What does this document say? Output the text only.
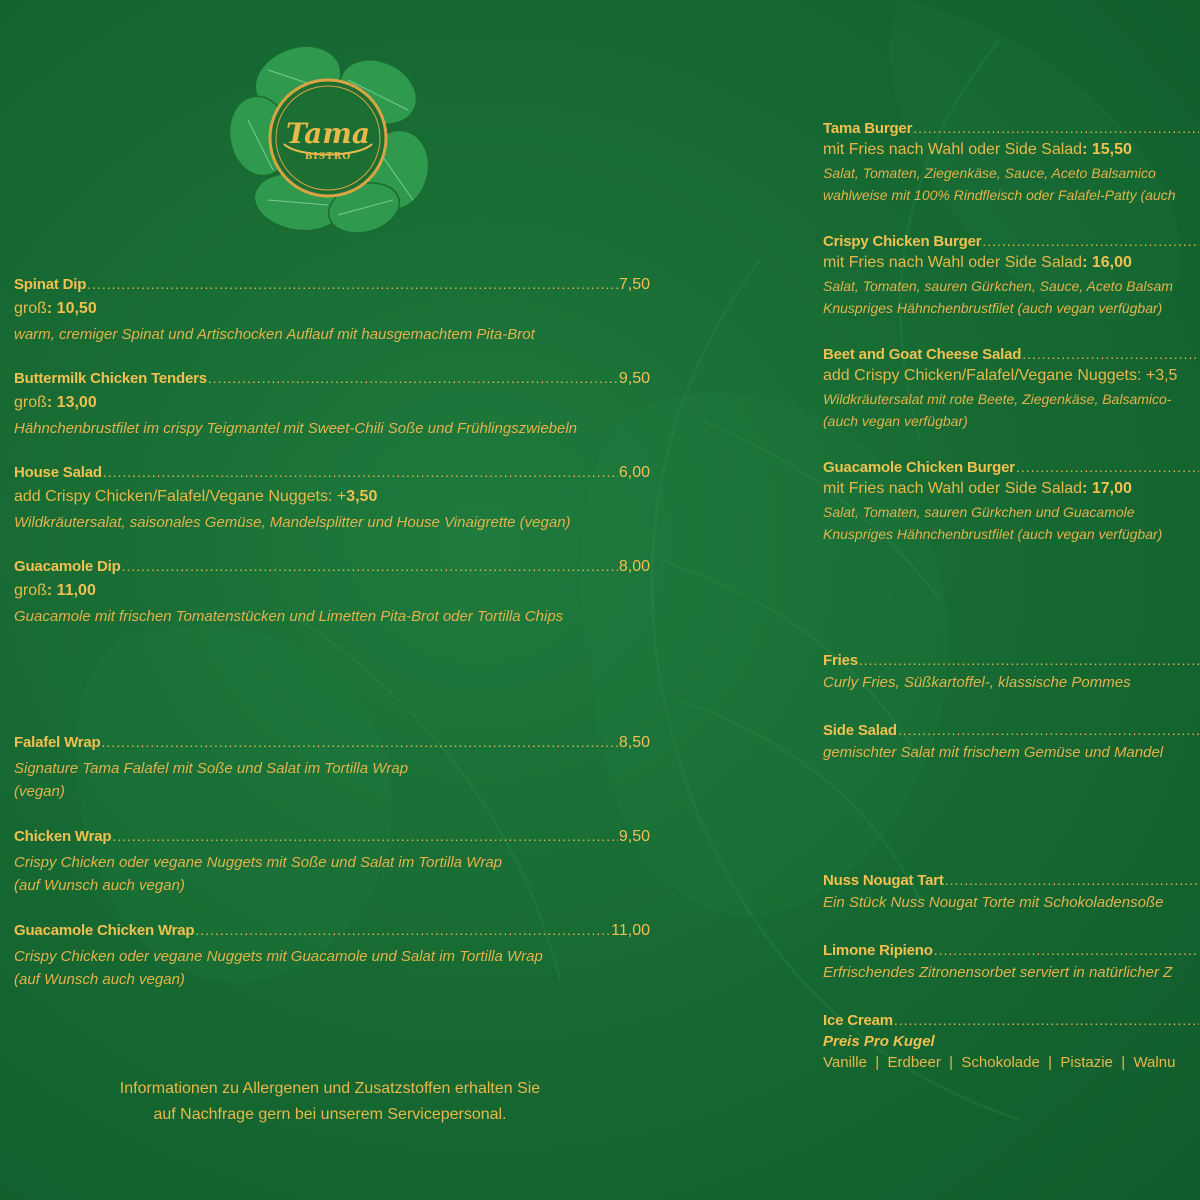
Tama
BISTRO
Spinat Dip .....	7,50
groß: 10,50
warm, cremiger Spinat und Artischocken Auflauf mit hausgemachtem Pita-Brot
Buttermilk Chicken Tenders .....	9,50
groß: 13,00
Hähnchenbrustfilet im crispy Teigmantel mit Sweet-Chili Soße und Frühlingszwiebeln
House Salad .....	6,00
add Crispy Chicken/Falafel/Vegane Nuggets: +3,50
Wildkräutersalat, saisonales Gemüse, Mandelsplitter und House Vinaigrette (vegan)
Guacamole Dip .....	8,00
groß: 11,00
Guacamole mit frischen Tomatenstücken und Limetten Pita-Brot oder Tortilla Chips
Falafel Wrap .....	8,50
Signature Tama Falafel mit Soße und Salat im Tortilla Wrap
(vegan)
Chicken Wrap .....	9,50
Crispy Chicken oder vegane Nuggets mit Soße und Salat im Tortilla Wrap
(auf Wunsch auch vegan)
Guacamole Chicken Wrap .....	11,00
Crispy Chicken oder vegane Nuggets mit Guacamole und Salat im Tortilla Wrap
(auf Wunsch auch vegan)
Tama Burger
.....
mit Fries nach Wahl oder Side Salad: 15,50
Salat, Tomaten, Ziegenkäse, Sauce, Aceto Balsamico
wahlweise mit 100% Rindfleisch oder Falafel-Patty (auch
Crispy Chicken Burger
.....
mit Fries nach Wahl oder Side Salad: 16,00
Salat, Tomaten, sauren Gürkchen, Sauce, Aceto Balsam
Knuspriges Hähnchenbrustfilet (auch vegan verfügbar)
Beet and Goat Cheese Salad
.....
add Crispy Chicken/Falafel/Vegane Nuggets: +3,5
Wildkräutersalat mit rote Beete, Ziegenkäse, Balsamico-
(auch vegan verfügbar)
Guacamole Chicken Burger
.....
mit Fries nach Wahl oder Side Salad: 17,00
Salat, Tomaten, sauren Gürkchen und Guacamole
Knuspriges Hähnchenbrustfilet (auch vegan verfügbar)
Fries
.....
Curly Fries, Süßkartoffel-, klassische Pommes
Side Salad
.....
gemischter Salat mit frischem Gemüse und Mandel
Nuss Nougat Tart
.....
Ein Stück Nuss Nougat Torte mit Schokoladensoße
Limone Ripieno
.....
Erfrischendes Zitronensorbet serviert in natürlicher Z
Ice Cream
.....
Preis Pro Kugel
Vanille  |  Erdbeer  |  Schokolade  |  Pistazie  |  Walnu
Informationen zu Allergenen und Zusatzstoffen erhalten Sie
auf Nachfrage gern bei unserem Servicepersonal.
